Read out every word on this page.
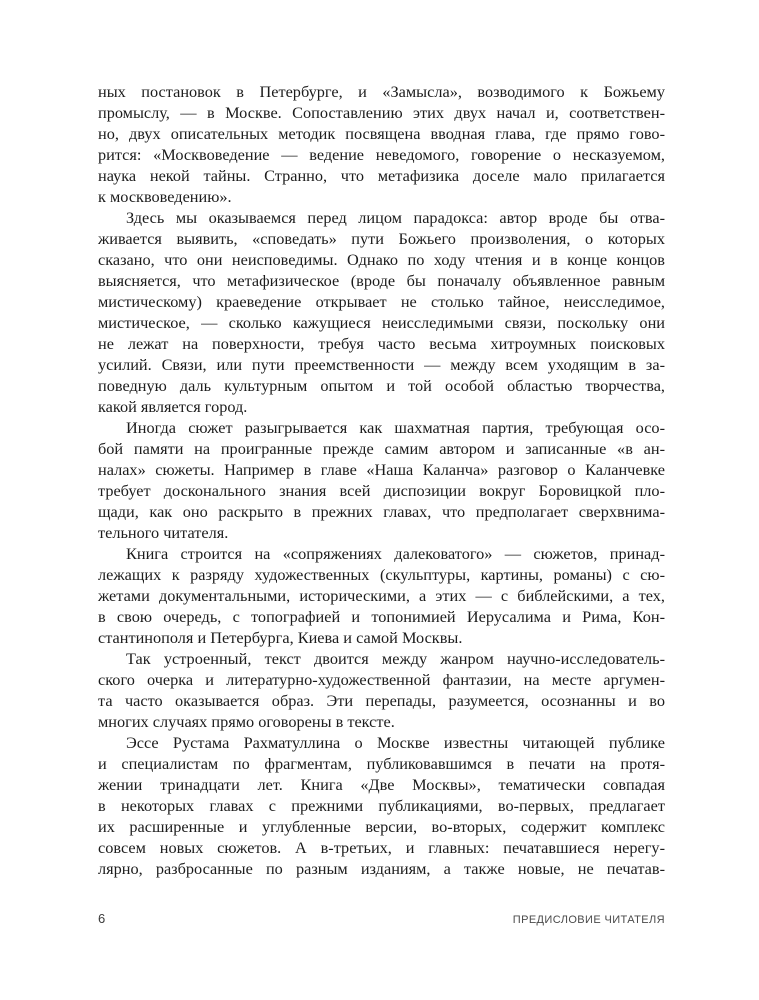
ных постановок в Петербурге, и «Замысла», возводимого к Божьему
промыслу, — в Москве. Сопоставлению этих двух начал и, соответствен-
но, двух описательных методик посвящена вводная глава, где прямо гово-
рится: «Москвоведение — ведение неведомого, говорение о несказуемом,
наука некой тайны. Странно, что метафизика доселе мало прилагается
к москвоведению».
Здесь мы оказываемся перед лицом парадокса: автор вроде бы отва-
живается выявить, «споведать» пути Божьего произволения, о которых
сказано, что они неисповедимы. Однако по ходу чтения и в конце концов
выясняется, что метафизическое (вроде бы поначалу объявленное равным
мистическому) краеведение открывает не столько тайное, неисследимое,
мистическое, — сколько кажущиеся неисследимыми связи, поскольку они
не лежат на поверхности, требуя часто весьма хитроумных поисковых
усилий. Связи, или пути преемственности — между всем уходящим в за-
поведную даль культурным опытом и той особой областью творчества,
какой является город.
Иногда сюжет разыгрывается как шахматная партия, требующая осо-
бой памяти на проигранные прежде самим автором и записанные «в ан-
налах» сюжеты. Например в главе «Наша Каланча» разговор о Каланчевке
требует досконального знания всей диспозиции вокруг Боровицкой пло-
щади, как оно раскрыто в прежних главах, что предполагает сверхвнима-
тельного читателя.
Книга строится на «сопряжениях далековатого» — сюжетов, принад-
лежащих к разряду художественных (скульптуры, картины, романы) с сю-
жетами документальными, историческими, а этих — с библейскими, а тех,
в свою очередь, с топографией и топонимией Иерусалима и Рима, Кон-
стантинополя и Петербурга, Киева и самой Москвы.
Так устроенный, текст двоится между жанром научно-исследователь-
ского очерка и литературно-художественной фантазии, на месте аргумен-
та часто оказывается образ. Эти перепады, разумеется, осознанны и во
многих случаях прямо оговорены в тексте.
Эссе Рустама Рахматуллина о Москве известны читающей публике
и специалистам по фрагментам, публиковавшимся в печати на протя-
жении тринадцати лет. Книга «Две Москвы», тематически совпадая
в некоторых главах с прежними публикациями, во-первых, предлагает
их расширенные и углубленные версии, во-вторых, содержит комплекс
совсем новых сюжетов. А в-третьих, и главных: печатавшиеся нерегу-
лярно, разбросанные по разным изданиям, а также новые, не печатав-
6	ПРЕДИСЛОВИЕ ЧИТАТЕЛЯ
